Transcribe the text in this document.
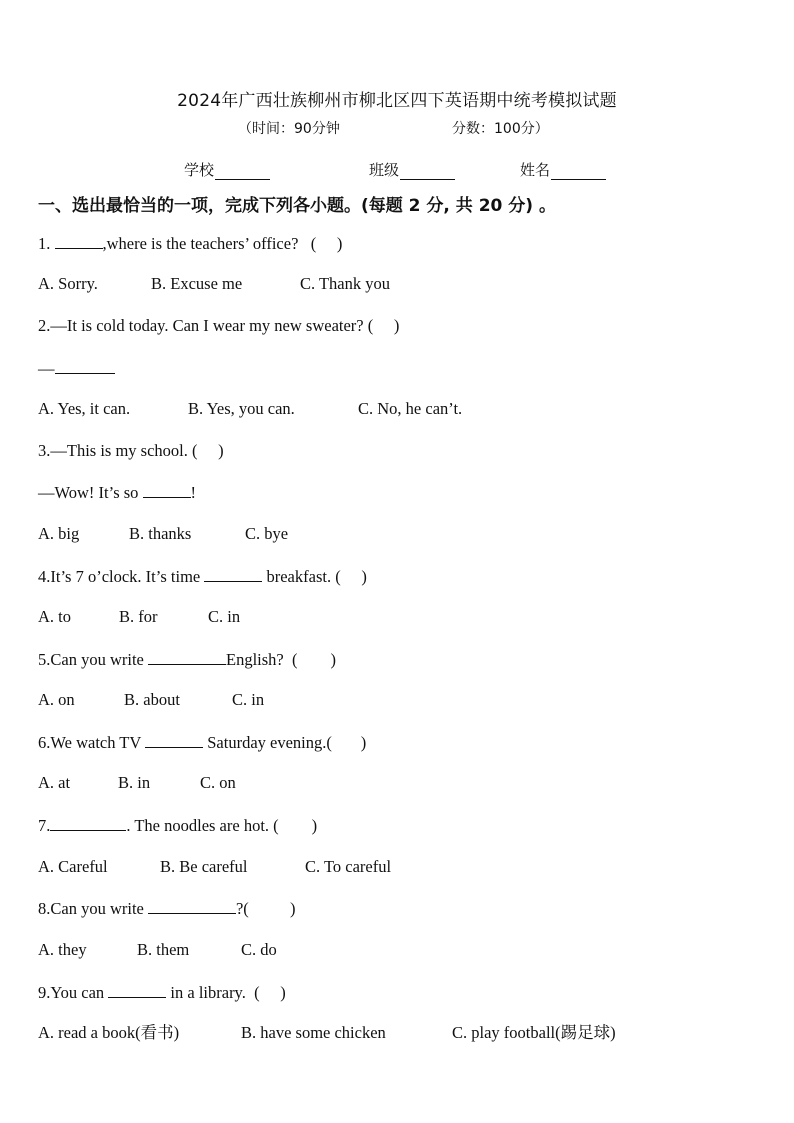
2024年广西壮族柳州市柳北区四下英语期中统考模拟试题
（时间：90分钟	分数：100分）
学校	班级	姓名
一、选出最恰当的一项，完成下列各小题。(每题 2 分, 共 20 分) 。
1.	,where is the teachers’ office?   (     )
A. Sorry.	B. Excuse me	C. Thank you
2.—It is cold today. Can I wear my new sweater? (     )
—
A. Yes, it can.	B. Yes, you can.	C. No, he can’t.
3.—This is my school. (     )
—Wow! It’s so	!
A. big	B. thanks	C. bye
4.It’s 7 o’clock. It’s time	breakfast. (     )
A. to	B. for	C. in
5.Can you write	English?  (        )
A. on	B. about	C. in
6.We watch TV	Saturday evening.(       )
A. at	B. in	C. on
7.	. The noodles are hot. (        )
A. Careful	B. Be careful	C. To careful
8.Can you write	?(          )
A. they	B. them	C. do
9.You can	in a library.  (     )
A. read a book(看书)	B. have some chicken	C. play football(踢足球)
